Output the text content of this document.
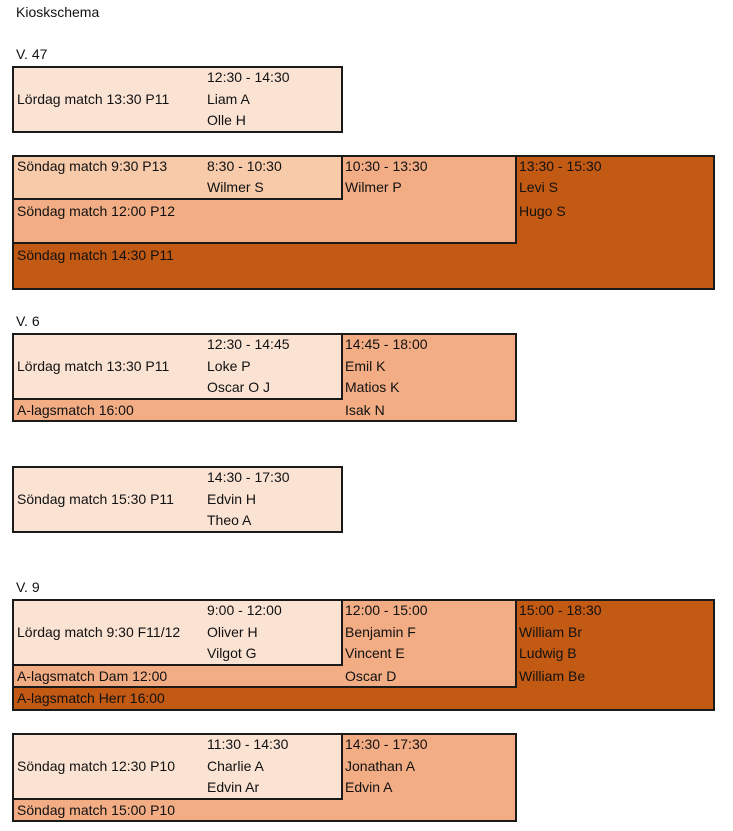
Kioskschema
V. 47
Lördag match 13:30 P11
12:30 - 14:30
Liam A
Olle H
Söndag match 9:30 P13
Söndag match 12:00 P12
Söndag match 14:30 P11
8:30 - 10:30
Wilmer S
10:30 - 13:30
Wilmer P
13:30 - 15:30
Levi S
Hugo S
V. 6
Lördag match 13:30 P11
A-lagsmatch 16:00
12:30 - 14:45
Loke P
Oscar O J
14:45 - 18:00
Emil K
Matios K
Isak N
Söndag match 15:30 P11
14:30 - 17:30
Edvin H
Theo A
V. 9
Lördag match 9:30 F11/12
A-lagsmatch Dam 12:00
A-lagsmatch Herr 16:00
9:00 - 12:00
Oliver H
Vilgot G
12:00 - 15:00
Benjamin F
Vincent E
Oscar D
15:00 - 18:30
William Br
Ludwig B
William Be
Söndag match 12:30 P10
Söndag match 15:00 P10
11:30 - 14:30
Charlie A
Edvin Ar
14:30 - 17:30
Jonathan A
Edvin A
